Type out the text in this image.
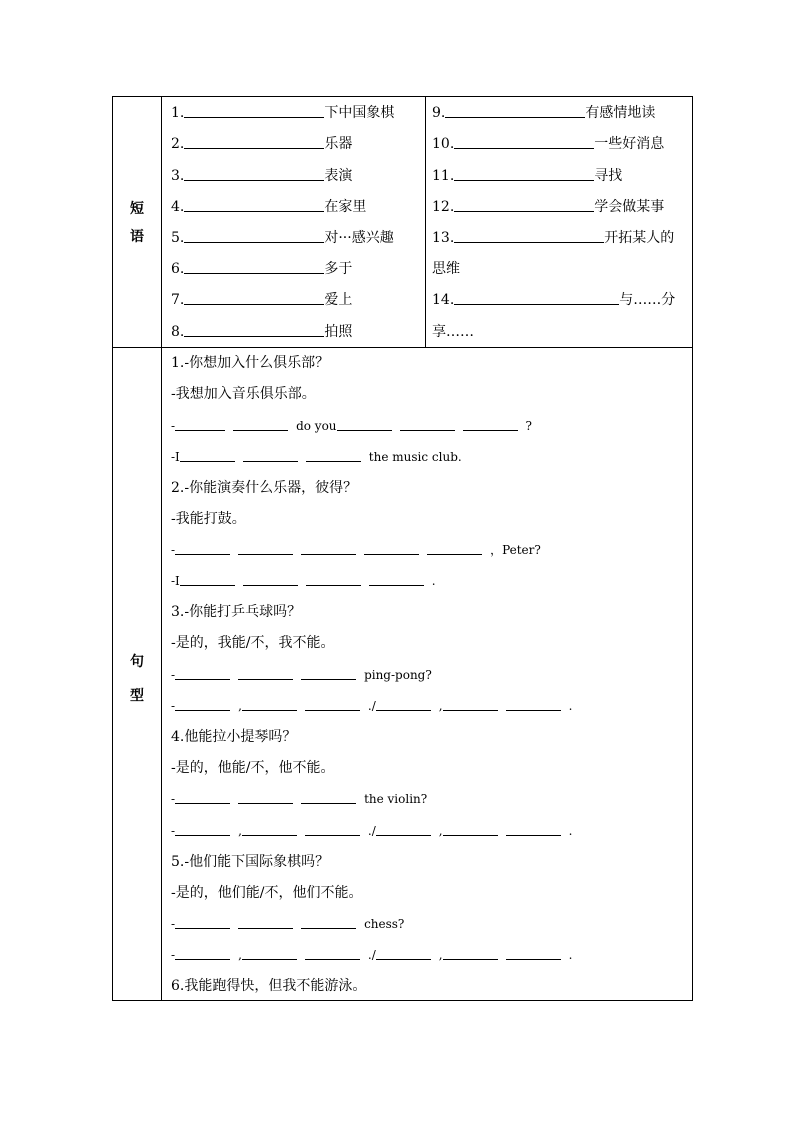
短
语
1.	下中国象棋
2.	乐器
3.	表演
4.	在家里
5.	对···感兴趣
6.	多于
7.	爱上
8.	拍照
9.	有感情地读
10.	一些好消息
11.	寻找
12.	学会做某事
13.	开拓某人的
思维
14.	与……分
享……
句
型
1.-你想加入什么俱乐部？
-我想加入音乐俱乐部。
-	do you	?
-I	the music club.
2.-你能演奏什么乐器，彼得？
-我能打鼓。
-	，Peter?
-I	.
3.-你能打乒乓球吗？
-是的，我能/不，我不能。
-	ping-pong?
-	,	./	,	.
4.他能拉小提琴吗？
-是的，他能/不，他不能。
-	the violin?
-	,	./	,	.
5.-他们能下国际象棋吗？
-是的，他们能/不，他们不能。
-	chess?
-	,	./	,	.
6.我能跑得快，但我不能游泳。
